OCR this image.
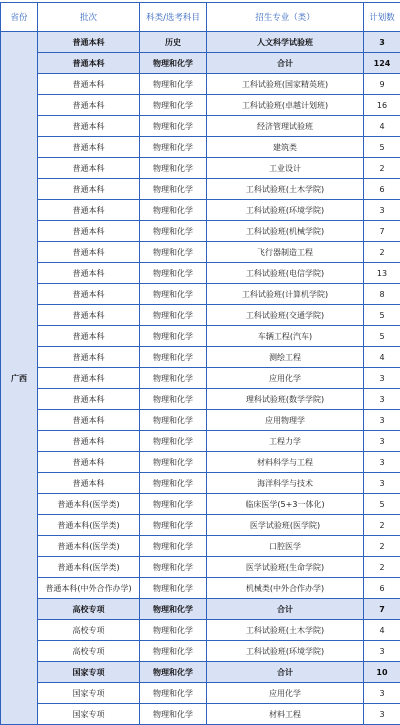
省份	批次	科类/选考科目	招生专业（类）	计划数
广西	普通本科	历史	人文科学试验班	3
	普通本科	物理和化学	合计	124
	普通本科	物理和化学	工科试验班(国家精英班)	9
	普通本科	物理和化学	工科试验班(卓越计划班)	16
	普通本科	物理和化学	经济管理试验班	4
	普通本科	物理和化学	建筑类	5
	普通本科	物理和化学	工业设计	2
	普通本科	物理和化学	工科试验班(土木学院)	6
	普通本科	物理和化学	工科试验班(环境学院)	3
	普通本科	物理和化学	工科试验班(机械学院)	7
	普通本科	物理和化学	飞行器制造工程	2
	普通本科	物理和化学	工科试验班(电信学院)	13
	普通本科	物理和化学	工科试验班(计算机学院)	8
	普通本科	物理和化学	工科试验班(交通学院)	5
	普通本科	物理和化学	车辆工程(汽车)	5
	普通本科	物理和化学	测绘工程	4
	普通本科	物理和化学	应用化学	3
	普通本科	物理和化学	理科试验班(数学学院)	3
	普通本科	物理和化学	应用物理学	3
	普通本科	物理和化学	工程力学	3
	普通本科	物理和化学	材料科学与工程	3
	普通本科	物理和化学	海洋科学与技术	3
	普通本科(医学类)	物理和化学	临床医学(5+3一体化)	5
	普通本科(医学类)	物理和化学	医学试验班(医学院)	2
	普通本科(医学类)	物理和化学	口腔医学	2
	普通本科(医学类)	物理和化学	医学试验班(生命学院)	2
	普通本科(中外合作办学)	物理和化学	机械类(中外合作办学)	6
	高校专项	物理和化学	合计	7
	高校专项	物理和化学	工科试验班(土木学院)	4
	高校专项	物理和化学	工科试验班(环境学院)	3
	国家专项	物理和化学	合计	10
	国家专项	物理和化学	应用化学	3
	国家专项	物理和化学	材料工程	3
